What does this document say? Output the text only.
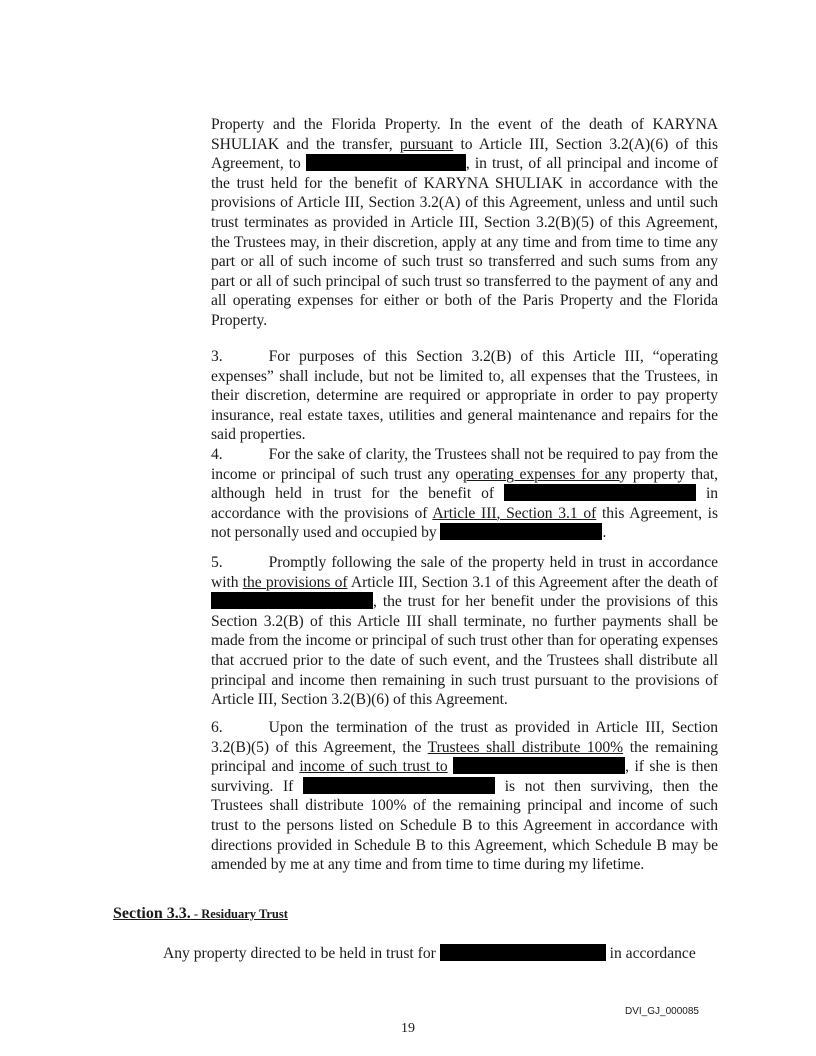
Property and the Florida Property. In the event of the death of KARYNA SHULIAK and the transfer, pursuant to Article III, Section 3.2(A)(6) of this Agreement, to	, in trust, of all principal and income of the trust held for the benefit of KARYNA SHULIAK in accordance with the provisions of Article III, Section 3.2(A) of this Agreement, unless and until such trust terminates as provided in Article III, Section 3.2(B)(5) of this Agreement, the Trustees may, in their discretion, apply at any time and from time to time any part or all of such income of such trust so transferred and such sums from any part or all of such principal of such trust so transferred to the payment of any and all operating expenses for either or both of the Paris Property and the Florida Property.

3.	For purposes of this Section 3.2(B) of this Article III, “operating expenses” shall include, but not be limited to, all expenses that the Trustees, in their discretion, determine are required or appropriate in order to pay property insurance, real estate taxes, utilities and general maintenance and repairs for the said properties.

4.	For the sake of clarity, the Trustees shall not be required to pay from the income or principal of such trust any operating expenses for any property that, although held in trust for the benefit of	in accordance with the provisions of Article III, Section 3.1 of this Agreement, is not personally used and occupied by	.

5.	Promptly following the sale of the property held in trust in accordance with the provisions of Article III, Section 3.1 of this Agreement after the death of , the trust for her benefit under the provisions of this Section 3.2(B) of this Article III shall terminate, no further payments shall be made from the income or principal of such trust other than for operating expenses that accrued prior to the date of such event, and the Trustees shall distribute all principal and income then remaining in such trust pursuant to the provisions of Article III, Section 3.2(B)(6) of this Agreement.

6.	Upon the termination of the trust as provided in Article III, Section 3.2(B)(5) of this Agreement, the Trustees shall distribute 100% the remaining principal and income of such trust to	, if she is then surviving. If	is not then surviving, then the Trustees shall distribute 100% of the remaining principal and income of such trust to the persons listed on Schedule B to this Agreement in accordance with directions provided in Schedule B to this Agreement, which Schedule B may be amended by me at any time and from time to time during my lifetime.

Section 3.3. - Residuary Trust
Any property directed to be held in trust for	in accordance
DVI_GJ_000085
19
